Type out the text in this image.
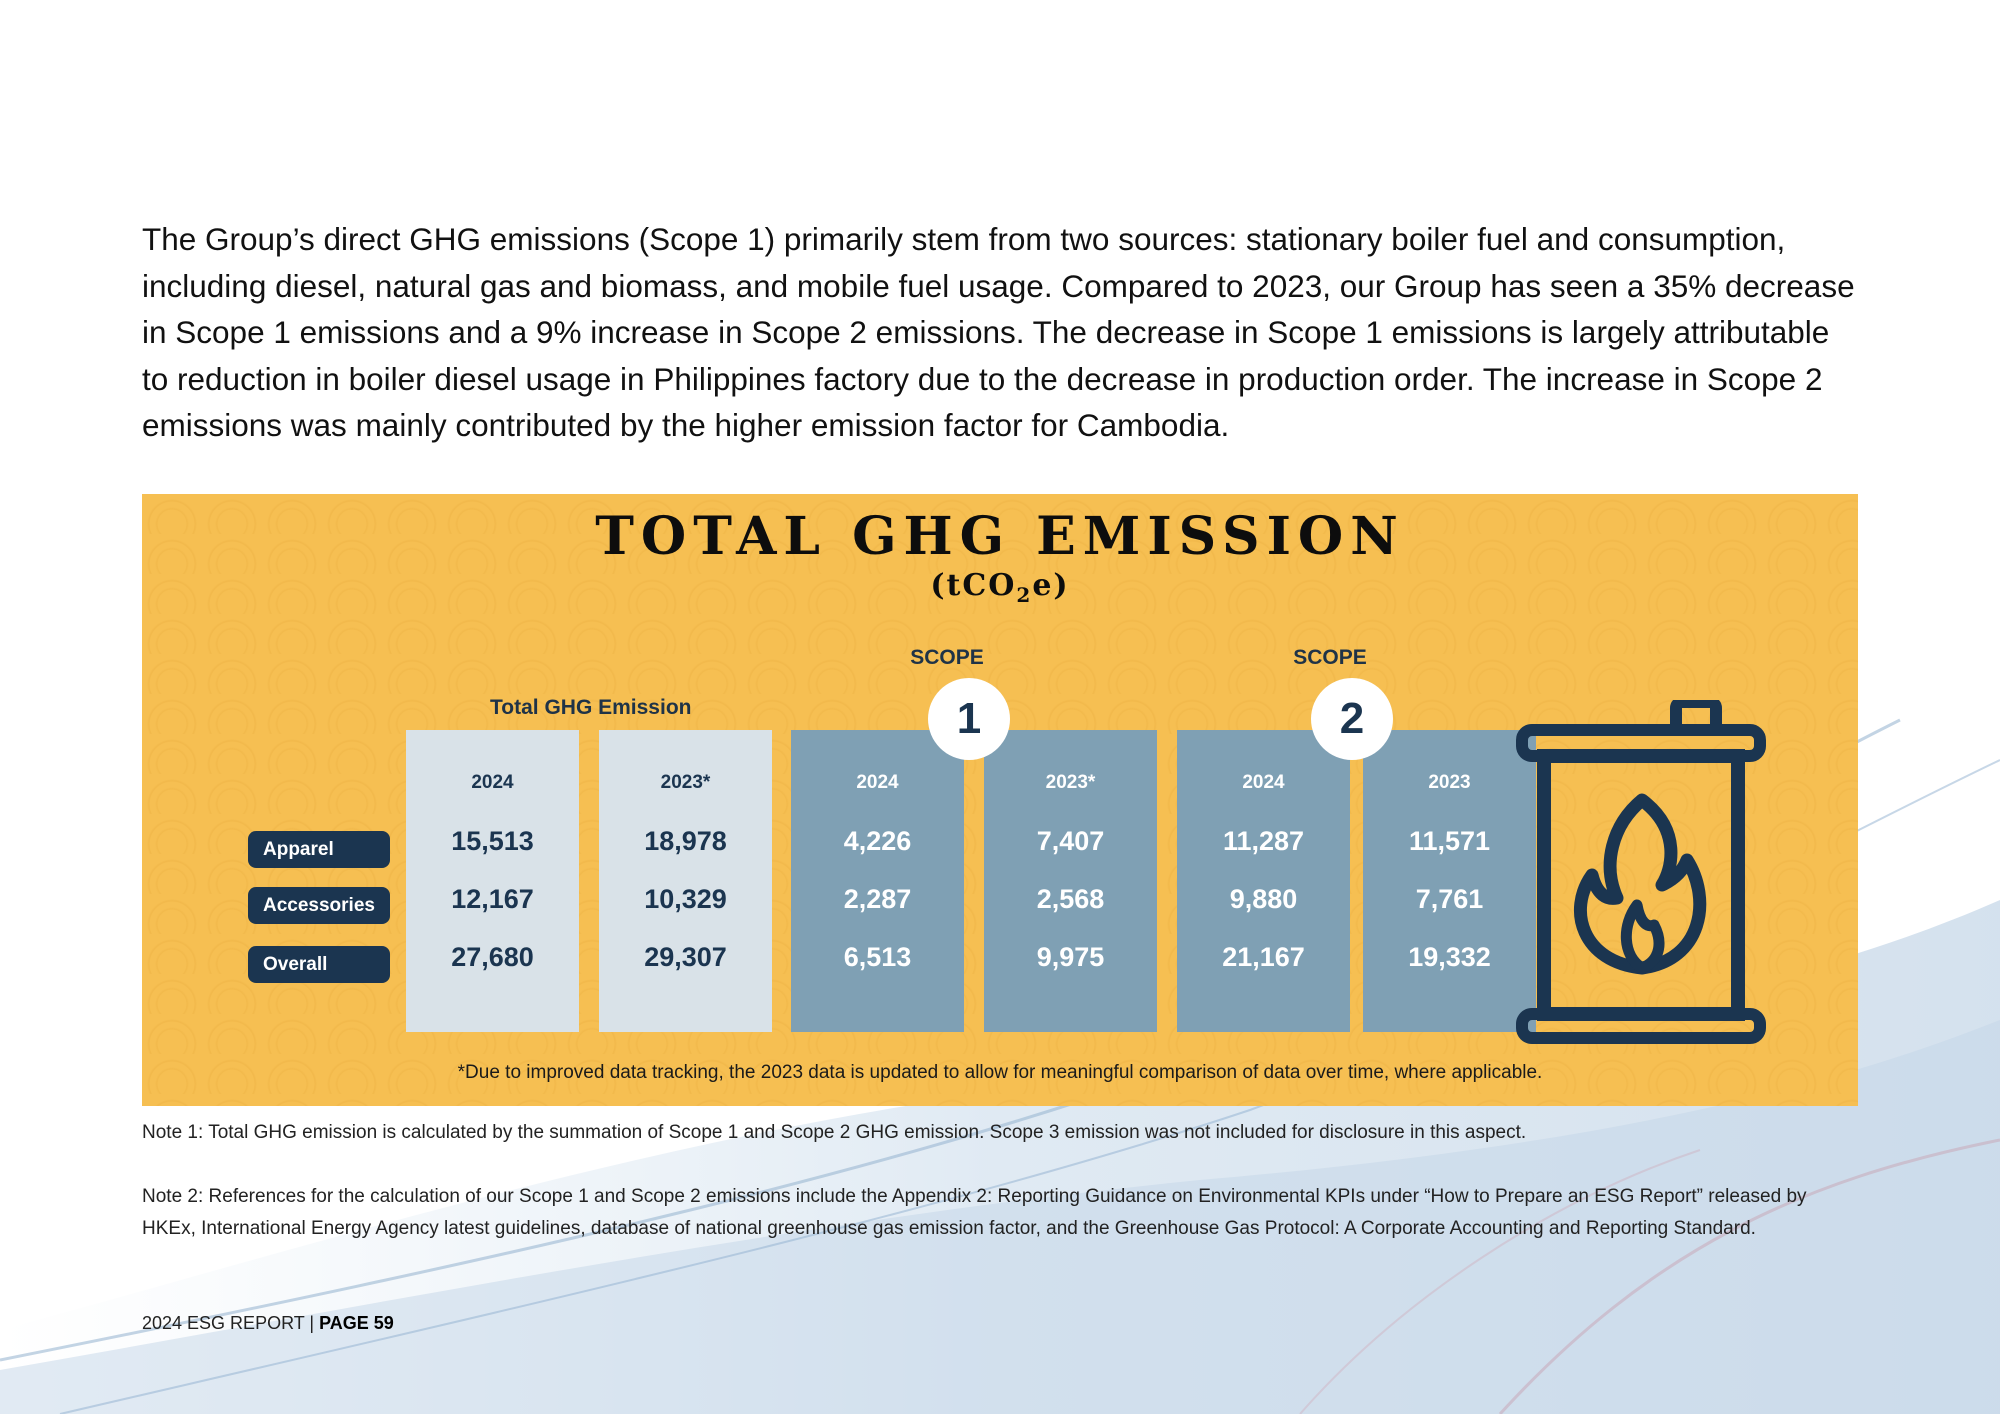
The Group’s direct GHG emissions (Scope 1) primarily stem from two sources: stationary boiler fuel and consumption, including diesel, natural gas and biomass, and mobile fuel usage. Compared to 2023, our Group has seen a 35% decrease in Scope 1 emissions and a 9% increase in Scope 2 emissions. The decrease in Scope 1 emissions is largely attributable to reduction in boiler diesel usage in Philippines factory due to the decrease in production order. The increase in Scope 2 emissions was mainly contributed by the higher emission factor for Cambodia.

TOTAL GHG EMISSION
(tCO$_2$e)
Total GHG Emission
SCOPE
1
SCOPE
2
Apparel
Accessories
Overall
2024
15,513
12,167
27,680
2023*
18,978
10,329
29,307
2024
4,226
2,287
6,513
2023*
7,407
2,568
9,975
2024
11,287
9,880
21,167
2023
11,571
7,761
19,332
*Due to improved data tracking, the 2023 data is updated to allow for meaningful comparison of data over time, where applicable.

Note 1: Total GHG emission is calculated by the summation of Scope 1 and Scope 2 GHG emission. Scope 3 emission was not included for disclosure in this aspect.

Note 2: References for the calculation of our Scope 1 and Scope 2 emissions include the Appendix 2: Reporting Guidance on Environmental KPIs under “How to Prepare an ESG Report” released by HKEx, International Energy Agency latest guidelines, database of national greenhouse gas emission factor, and the Greenhouse Gas Protocol: A Corporate Accounting and Reporting Standard.

2024 ESG REPORT | PAGE 59
